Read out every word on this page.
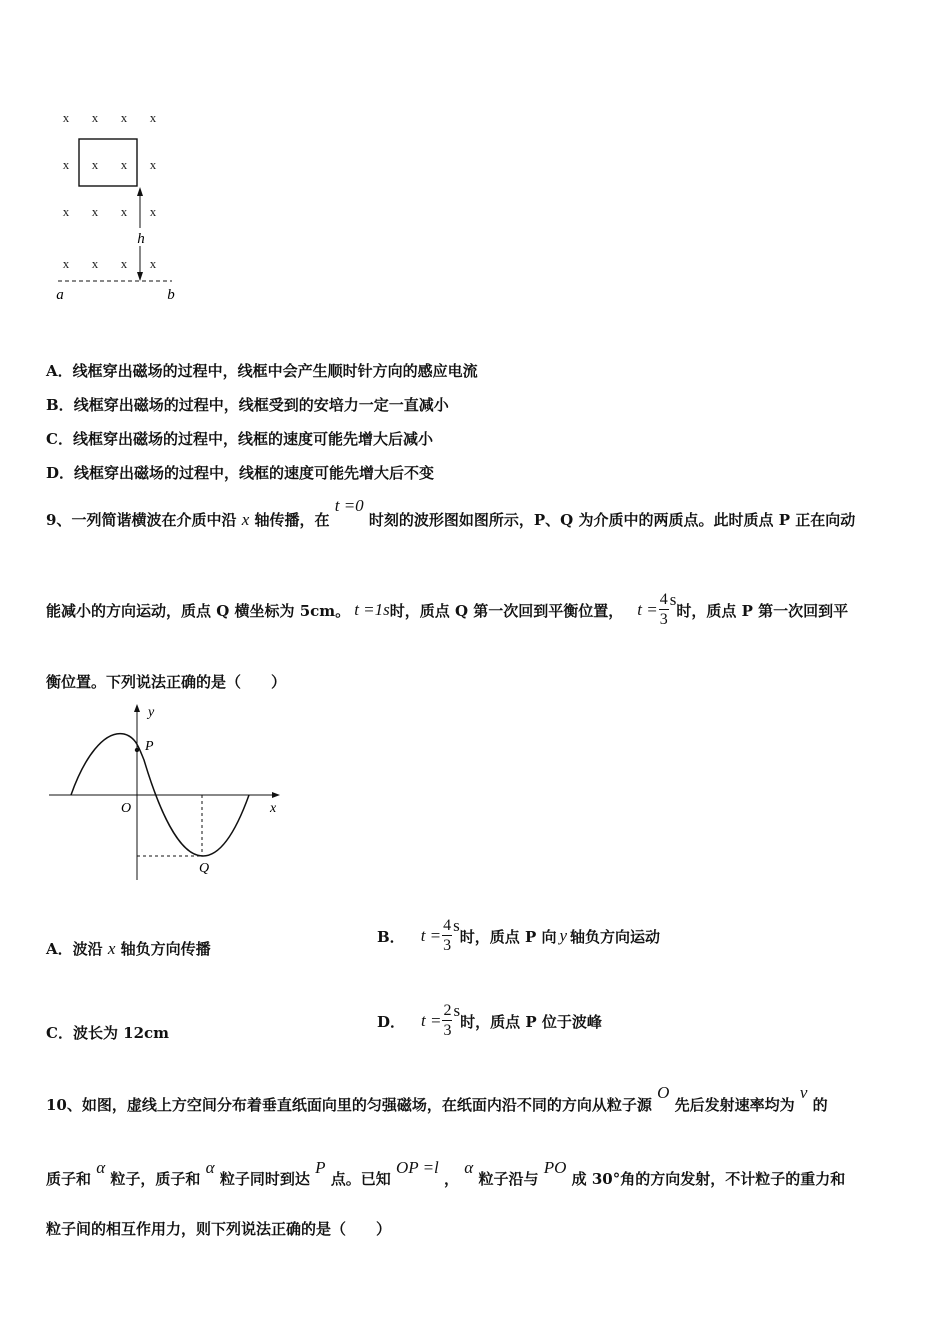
x x x x
x x x x
x x x x
x x x x
h
a	b
A．线框穿出磁场的过程中，线框中会产生顺时针方向的感应电流
B．线框穿出磁场的过程中，线框受到的安培力一定一直减小
C．线框穿出磁场的过程中，线框的速度可能先增大后减小
D．线框穿出磁场的过程中，线框的速度可能先增大后不变
9、一列简谐横波在介质中沿 x 轴传播，在 t =0 时刻的波形图如图所示，P、Q 为介质中的两质点。此时质点 P 正在向动
能减小的方向运动，质点 Q 横坐标为 5cm。 t =1s 时，质点 Q 第一次回到平衡位置， $t = \frac{4}{3}$ s
时，质点 P 第一次回到平
衡位置。下列说法正确的是（　　）
y
x
O
P
Q
A．波沿 x 轴负方向传播
B． $t = \frac{4}{3}$ s
时，质点 P 向 y 轴负方向运动
C．波长为 12cm
D． $t = \frac{2}{3}$ s
时，质点 P 位于波峰
10、如图，虚线上方空间分布着垂直纸面向里的匀强磁场，在纸面内沿不同的方向从粒子源 O 先后发射速率均为 v 的
质子和 α 粒子，质子和 α 粒子同时到达 P 点。已知 OP =l ， α 粒子沿与 PO 成 30°角的方向发射，不计粒子的重力和
粒子间的相互作用力，则下列说法正确的是（　　）
